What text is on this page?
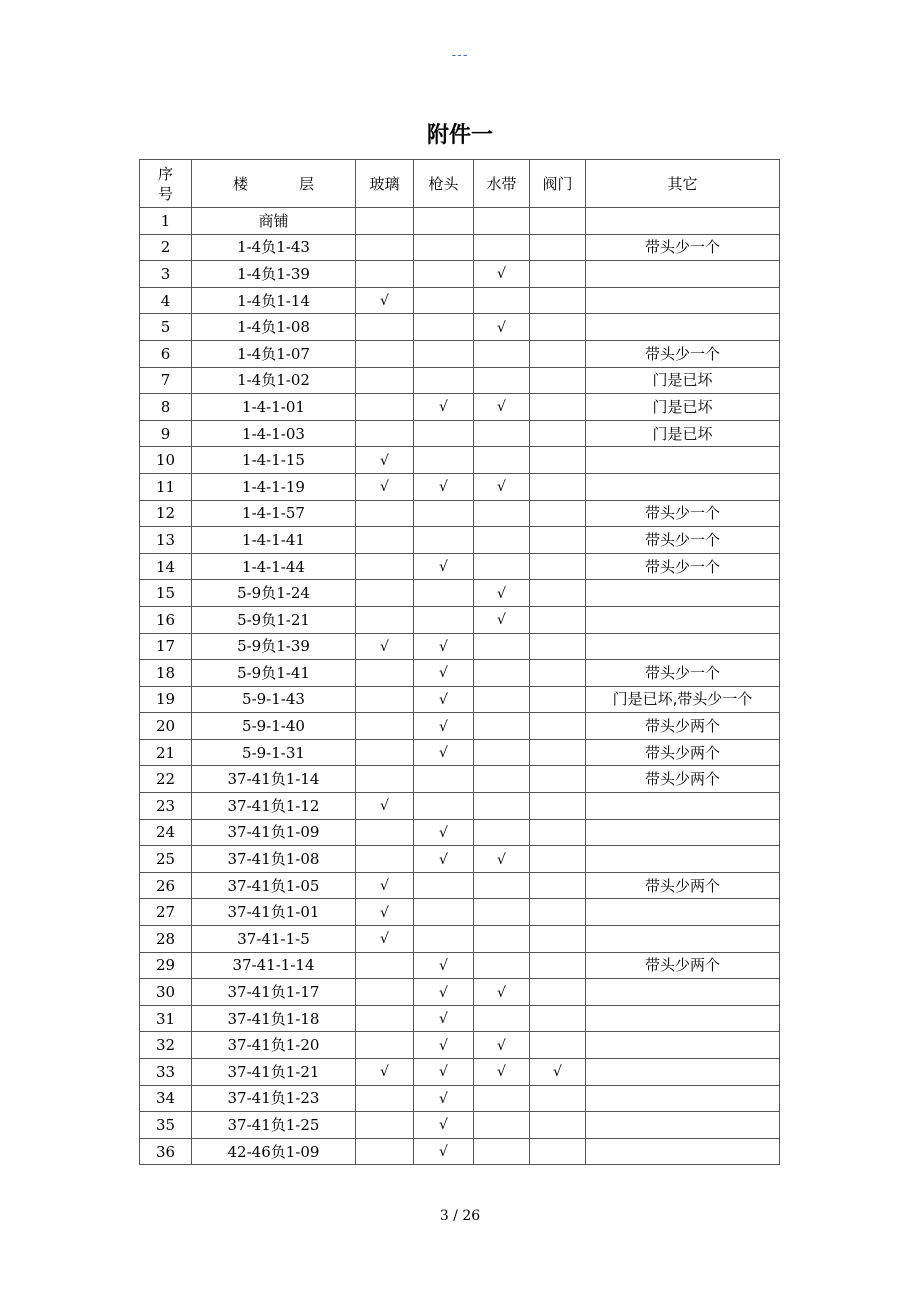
---
附件一
序
号	楼　层	玻璃	枪头	水带	阀门	其它
1	商铺					
2	1-4负1-43					带头少一个
3	1-4负1-39			√		
4	1-4负1-14	√				
5	1-4负1-08			√		
6	1-4负1-07					带头少一个
7	1-4负1-02					门是已坏
8	1-4-1-01		√	√		门是已坏
9	1-4-1-03					门是已坏
10	1-4-1-15	√				
11	1-4-1-19	√	√	√		
12	1-4-1-57					带头少一个
13	1-4-1-41					带头少一个
14	1-4-1-44		√			带头少一个
15	5-9负1-24			√		
16	5-9负1-21			√		
17	5-9负1-39	√	√			
18	5-9负1-41		√			带头少一个
19	5-9-1-43		√			门是已坏,带头少一个
20	5-9-1-40		√			带头少两个
21	5-9-1-31		√			带头少两个
22	37-41负1-14					带头少两个
23	37-41负1-12	√				
24	37-41负1-09		√			
25	37-41负1-08		√	√		
26	37-41负1-05	√				带头少两个
27	37-41负1-01	√				
28	37-41-1-5	√				
29	37-41-1-14		√			带头少两个
30	37-41负1-17		√	√		
31	37-41负1-18		√			
32	37-41负1-20		√	√		
33	37-41负1-21	√	√	√	√	
34	37-41负1-23		√			
35	37-41负1-25		√			
36	42-46负1-09		√			
3 / 26
